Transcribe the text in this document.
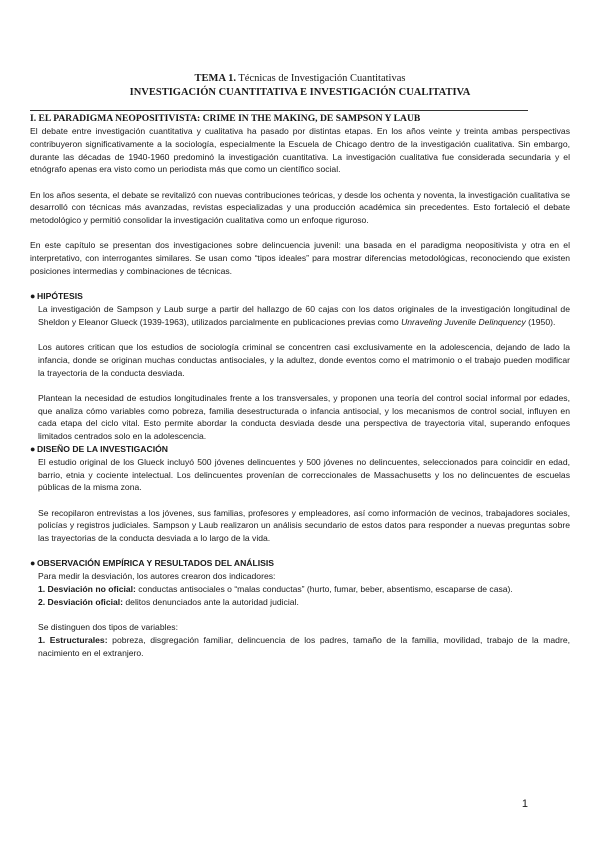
TEMA 1. Técnicas de Investigación Cuantitativas
INVESTIGACIÓN CUANTITATIVA E INVESTIGACIÓN CUALITATIVA
I. EL PARADIGMA NEOPOSITIVISTA: CRIME IN THE MAKING, DE SAMPSON Y LAUB

El debate entre investigación cuantitativa y cualitativa ha pasado por distintas etapas. En los años veinte y treinta ambas perspectivas contribuyeron significativamente a la sociología, especialmente la Escuela de Chicago dentro de la investigación cualitativa. Sin embargo, durante las décadas de 1940-1960 predominó la investigación cuantitativa. La investigación cualitativa fue considerada secundaria y el etnógrafo apenas era visto como un periodista más que como un científico social.

En los años sesenta, el debate se revitalizó con nuevas contribuciones teóricas, y desde los ochenta y noventa, la investigación cualitativa se desarrolló con técnicas más avanzadas, revistas especializadas y una producción académica sin precedentes. Esto fortaleció el debate metodológico y permitió consolidar la investigación cualitativa como un enfoque riguroso.

En este capítulo se presentan dos investigaciones sobre delincuencia juvenil: una basada en el paradigma neopositivista y otra en el interpretativo, con interrogantes similares. Se usan como “tipos ideales” para mostrar diferencias metodológicas, reconociendo que existen posiciones intermedias y combinaciones de técnicas.

● HIPÓTESIS

La investigación de Sampson y Laub surge a partir del hallazgo de 60 cajas con los datos originales de la investigación longitudinal de Sheldon y Eleanor Glueck (1939-1963), utilizados parcialmente en publicaciones previas como Unraveling Juvenile Delinquency (1950).

Los autores critican que los estudios de sociología criminal se concentren casi exclusivamente en la adolescencia, dejando de lado la infancia, donde se originan muchas conductas antisociales, y la adultez, donde eventos como el matrimonio o el trabajo pueden modificar la trayectoria de la conducta desviada.

Plantean la necesidad de estudios longitudinales frente a los transversales, y proponen una teoría del control social informal por edades, que analiza cómo variables como pobreza, familia desestructurada o infancia antisocial, y los mecanismos de control social, influyen en cada etapa del ciclo vital. Esto permite abordar la conducta desviada desde una perspectiva de trayectoria vital, superando enfoques limitados centrados solo en la adolescencia.

● DISEÑO DE LA INVESTIGACIÓN

El estudio original de los Glueck incluyó 500 jóvenes delincuentes y 500 jóvenes no delincuentes, seleccionados para coincidir en edad, barrio, etnia y cociente intelectual. Los delincuentes provenían de correccionales de Massachusetts y los no delincuentes de escuelas públicas de la misma zona.

Se recopilaron entrevistas a los jóvenes, sus familias, profesores y empleadores, así como información de vecinos, trabajadores sociales, policías y registros judiciales. Sampson y Laub realizaron un análisis secundario de estos datos para responder a nuevas preguntas sobre las trayectorias de la conducta desviada a lo largo de la vida.

● OBSERVACIÓN EMPÍRICA Y RESULTADOS DEL ANÁLISIS

Para medir la desviación, los autores crearon dos indicadores:

1. Desviación no oficial: conductas antisociales o “malas conductas” (hurto, fumar, beber, absentismo, escaparse de casa).

2. Desviación oficial: delitos denunciados ante la autoridad judicial.

Se distinguen dos tipos de variables:

1. Estructurales: pobreza, disgregación familiar, delincuencia de los padres, tamaño de la familia, movilidad, trabajo de la madre, nacimiento en el extranjero.

1
